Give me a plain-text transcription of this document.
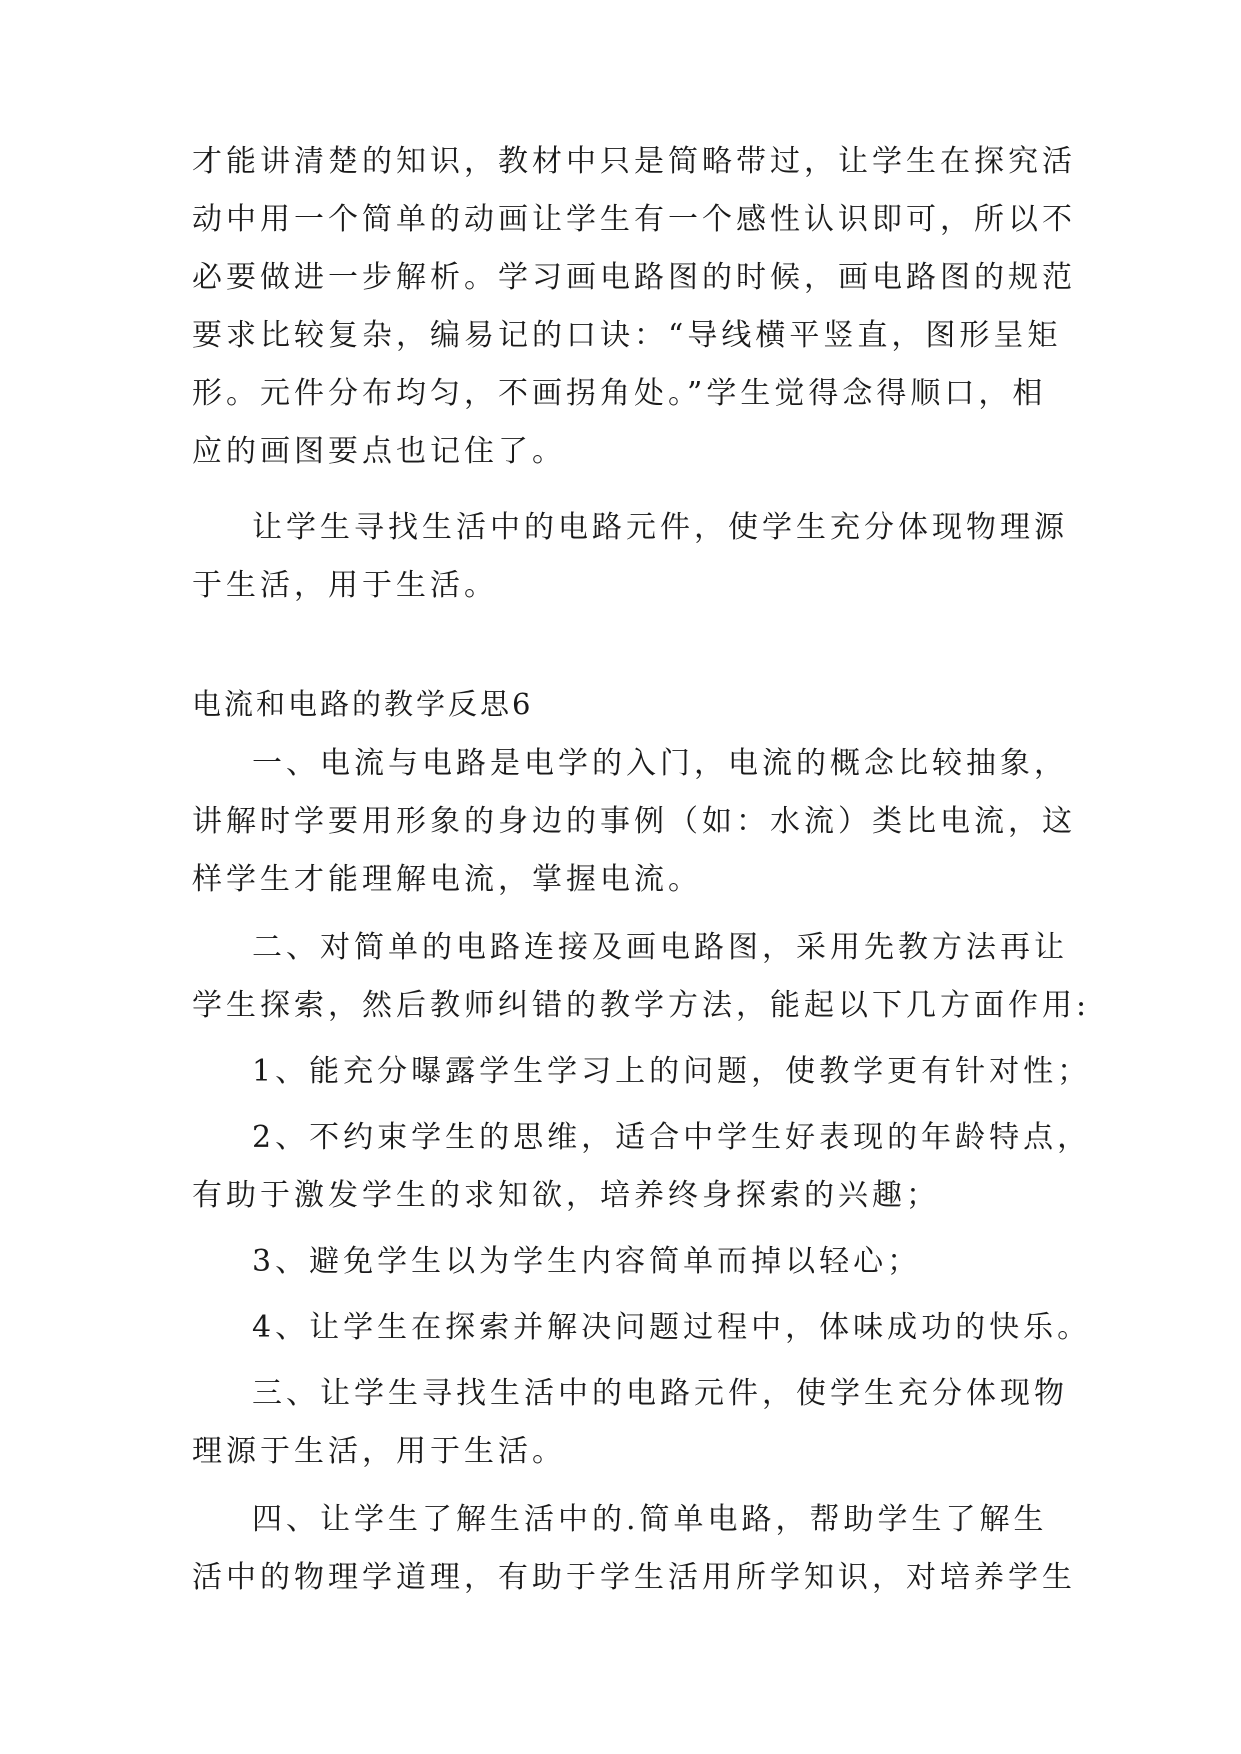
才能讲清楚的知识，教材中只是简略带过，让学生在探究活
动中用一个简单的动画让学生有一个感性认识即可，所以不
必要做进一步解析。学习画电路图的时候，画电路图的规范
要求比较复杂，编易记的口诀：“导线横平竖直，图形呈矩
形。元件分布均匀，不画拐角处。”学生觉得念得顺口，相
应的画图要点也记住了。
让学生寻找生活中的电路元件，使学生充分体现物理源
于生活，用于生活。
电流和电路的教学反思6
一、电流与电路是电学的入门，电流的概念比较抽象，
讲解时学要用形象的身边的事例（如：水流）类比电流，这
样学生才能理解电流，掌握电流。
二、对简单的电路连接及画电路图，采用先教方法再让
学生探索，然后教师纠错的教学方法，能起以下几方面作用:
1、能充分曝露学生学习上的问题，使教学更有针对性；
2、不约束学生的思维，适合中学生好表现的年龄特点，
有助于激发学生的求知欲，培养终身探索的兴趣；
3、避免学生以为学生内容简单而掉以轻心；
4、让学生在探索并解决问题过程中，体味成功的快乐。
三、让学生寻找生活中的电路元件，使学生充分体现物
理源于生活，用于生活。
四、让学生了解生活中的.简单电路，帮助学生了解生
活中的物理学道理，有助于学生活用所学知识，对培养学生
